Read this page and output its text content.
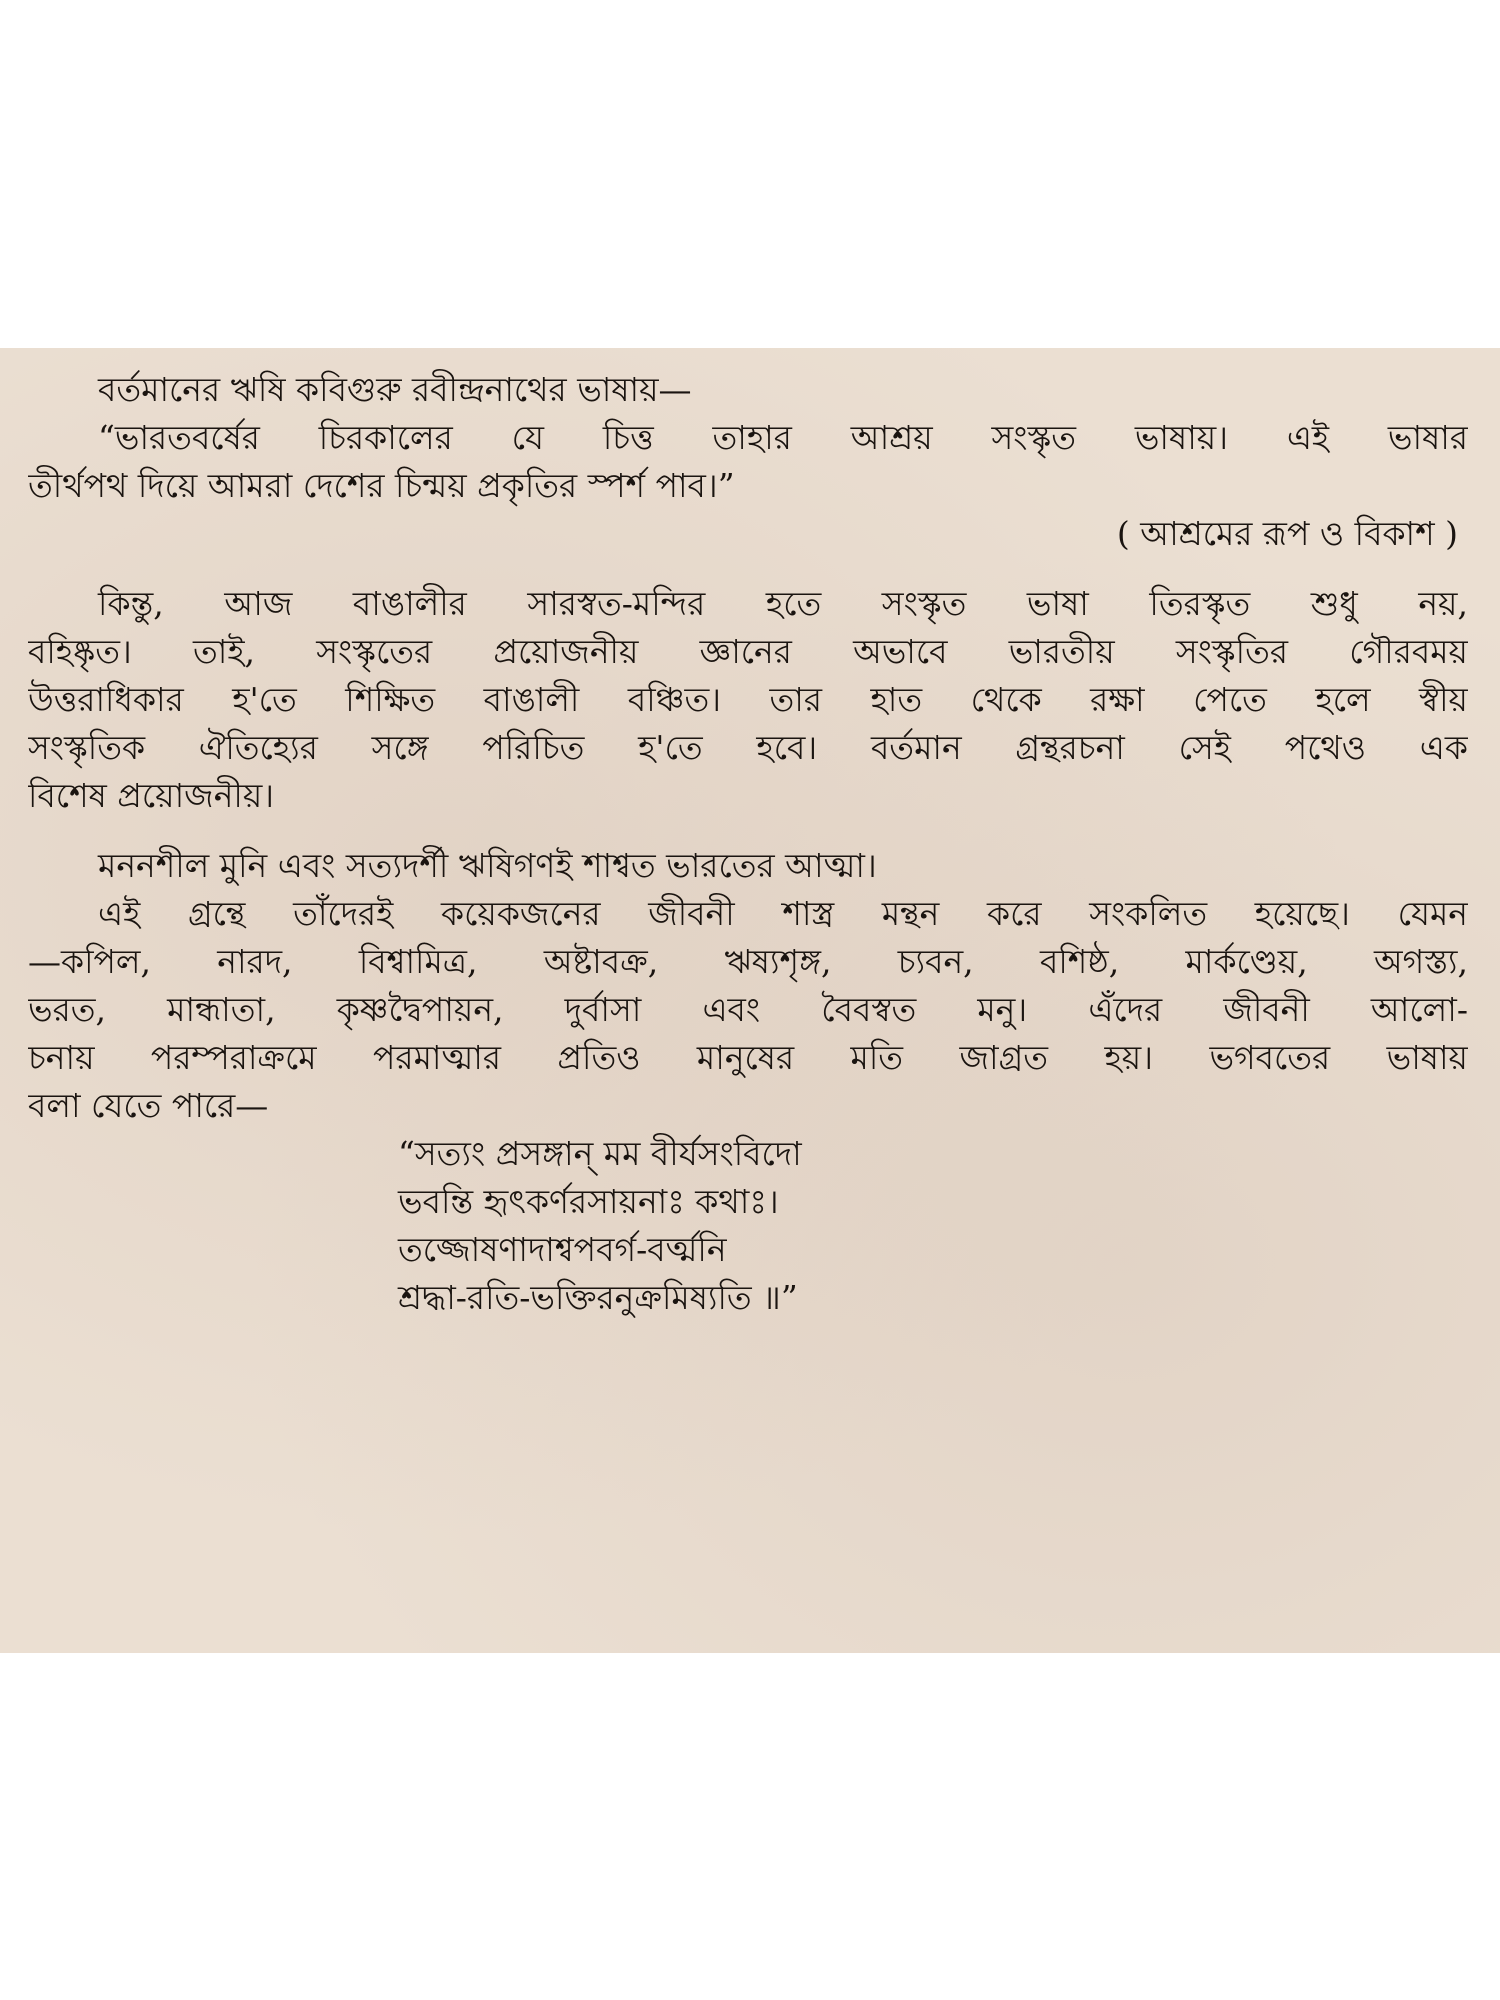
বর্তমানের ঋষি কবিগুরু রবীন্দ্রনাথের ভাষায়—
“ভারতবর্ষের চিরকালের যে চিত্ত তাহার আশ্রয় সংস্কৃত ভাষায়। এই ভাষার
তীর্থপথ দিয়ে আমরা দেশের চিন্ময় প্রকৃতির স্পর্শ পাব।”
( আশ্রমের রূপ ও বিকাশ )
কিন্তু, আজ বাঙালীর সারস্বত-মন্দির হতে সংস্কৃত ভাষা তিরস্কৃত শুধু নয়,
বহিষ্কৃত। তাই, সংস্কৃতের প্রয়োজনীয় জ্ঞানের অভাবে ভারতীয় সংস্কৃতির গৌরবময়
উত্তরাধিকার হ'তে শিক্ষিত বাঙালী বঞ্চিত। তার হাত থেকে রক্ষা পেতে হলে স্বীয়
সংস্কৃতিক ঐতিহ্যের সঙ্গে পরিচিত হ'তে হবে। বর্তমান গ্রন্থরচনা সেই পথেও এক
বিশেষ প্রয়োজনীয়।
মননশীল মুনি এবং সত্যদর্শী ঋষিগণই শাশ্বত ভারতের আত্মা।
এই গ্রন্থে তাঁদেরই কয়েকজনের জীবনী শাস্ত্র মন্থন করে সংকলিত হয়েছে। যেমন
—কপিল, নারদ, বিশ্বামিত্র, অষ্টাবক্র, ঋষ্যশৃঙ্গ, চ্যবন, বশিষ্ঠ, মার্কণ্ডেয়, অগস্ত্য,
ভরত, মান্ধাতা, কৃষ্ণদ্বৈপায়ন, দুর্বাসা এবং বৈবস্বত মনু। এঁদের জীবনী আলো-
চনায় পরম্পরাক্রমে পরমাত্মার প্রতিও মানুষের মতি জাগ্রত হয়। ভগবতের ভাষায়
বলা যেতে পারে—
“সত্যং প্রসঙ্গান্ মম বীর্যসংবিদো
ভবন্তি হৃৎকর্ণরসায়নাঃ কথাঃ।
তজ্জোষণাদাশ্বপবর্গ-বর্ত্মনি
শ্রদ্ধা-রতি-ভক্তিরনুক্রমিষ্যতি ॥”
